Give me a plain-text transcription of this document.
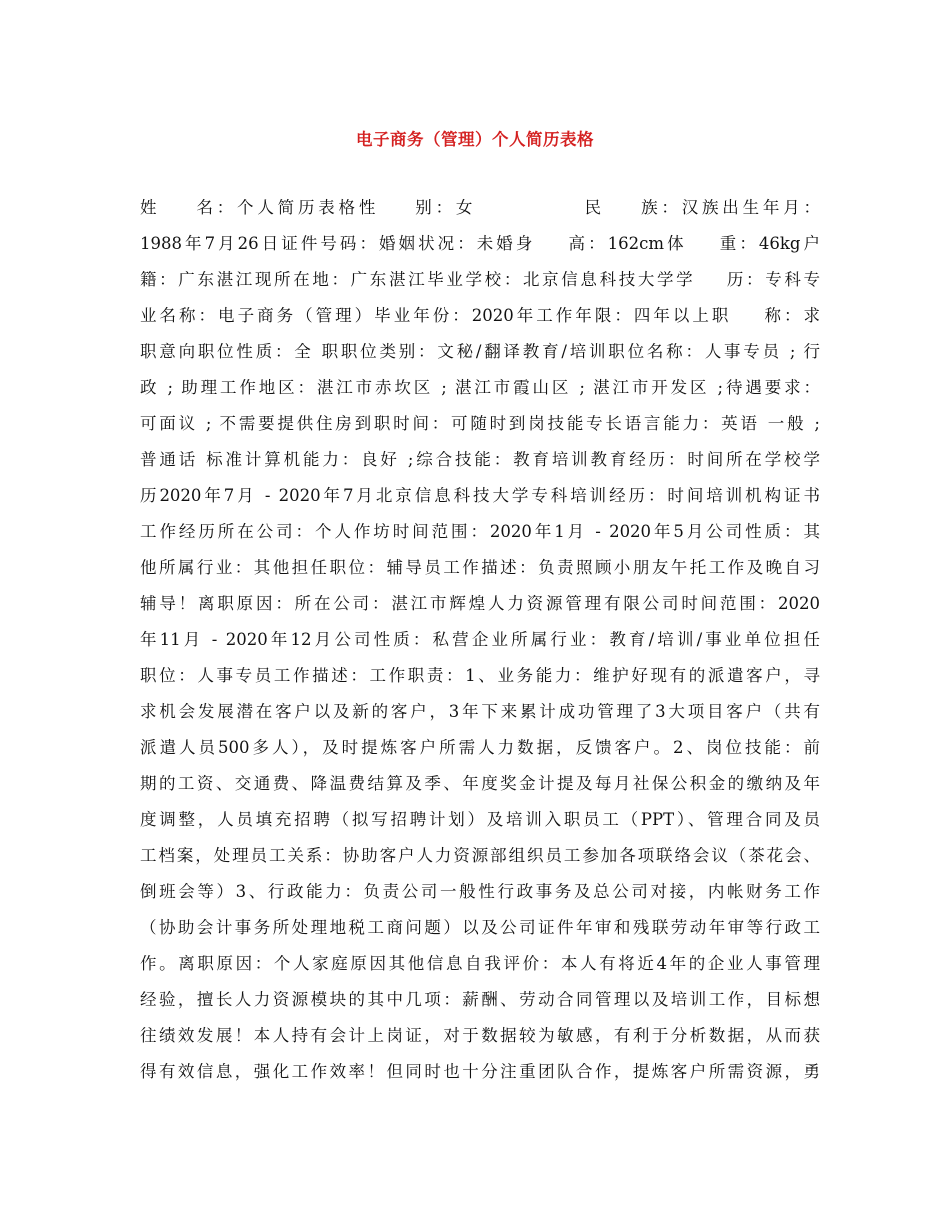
电子商务（管理）个人简历表格
姓    名：个人简历表格性    别：女            民    族：汉族出生年月：
1988年7月26日证件号码：婚姻状况：未婚身    高：162cm体    重：46kg户
籍：广东湛江现所在地：广东湛江毕业学校：北京信息科技大学学    历：专科专
业名称：电子商务（管理）毕业年份：2020年工作年限：四年以上职    称：求
职意向职位性质：全 职职位类别：文秘/翻译教育/培训职位名称：人事专员 ; 行
政 ; 助理工作地区：湛江市赤坎区 ; 湛江市霞山区 ; 湛江市开发区 ;待遇要求：
可面议 ; 不需要提供住房到职时间：可随时到岗技能专长语言能力：英语 一般 ;
普通话 标准计算机能力：良好 ;综合技能：教育培训教育经历：时间所在学校学
历2020年7月 - 2020年7月北京信息科技大学专科培训经历：时间培训机构证书
工作经历所在公司：个人作坊时间范围：2020年1月 - 2020年5月公司性质：其
他所属行业：其他担任职位：辅导员工作描述：负责照顾小朋友午托工作及晚自习
辅导！离职原因：所在公司：湛江市辉煌人力资源管理有限公司时间范围：2020
年11月 - 2020年12月公司性质：私营企业所属行业：教育/培训/事业单位担任
职位：人事专员工作描述：工作职责：1、业务能力：维护好现有的派遣客户，寻
求机会发展潜在客户以及新的客户，3年下来累计成功管理了3大项目客户（共有
派遣人员500多人），及时提炼客户所需人力数据，反馈客户。2、岗位技能：前
期的工资、交通费、降温费结算及季、年度奖金计提及每月社保公积金的缴纳及年
度调整，人员填充招聘（拟写招聘计划）及培训入职员工（PPT）、管理合同及员
工档案，处理员工关系：协助客户人力资源部组织员工参加各项联络会议（茶花会、
倒班会等）3、行政能力：负责公司一般性行政事务及总公司对接，内帐财务工作
（协助会计事务所处理地税工商问题）以及公司证件年审和残联劳动年审等行政工
作。离职原因：个人家庭原因其他信息自我评价：本人有将近4年的企业人事管理
经验，擅长人力资源模块的其中几项：薪酬、劳动合同管理以及培训工作，目标想
往绩效发展！本人持有会计上岗证，对于数据较为敏感，有利于分析数据，从而获
得有效信息，强化工作效率！但同时也十分注重团队合作，提炼客户所需资源，勇
